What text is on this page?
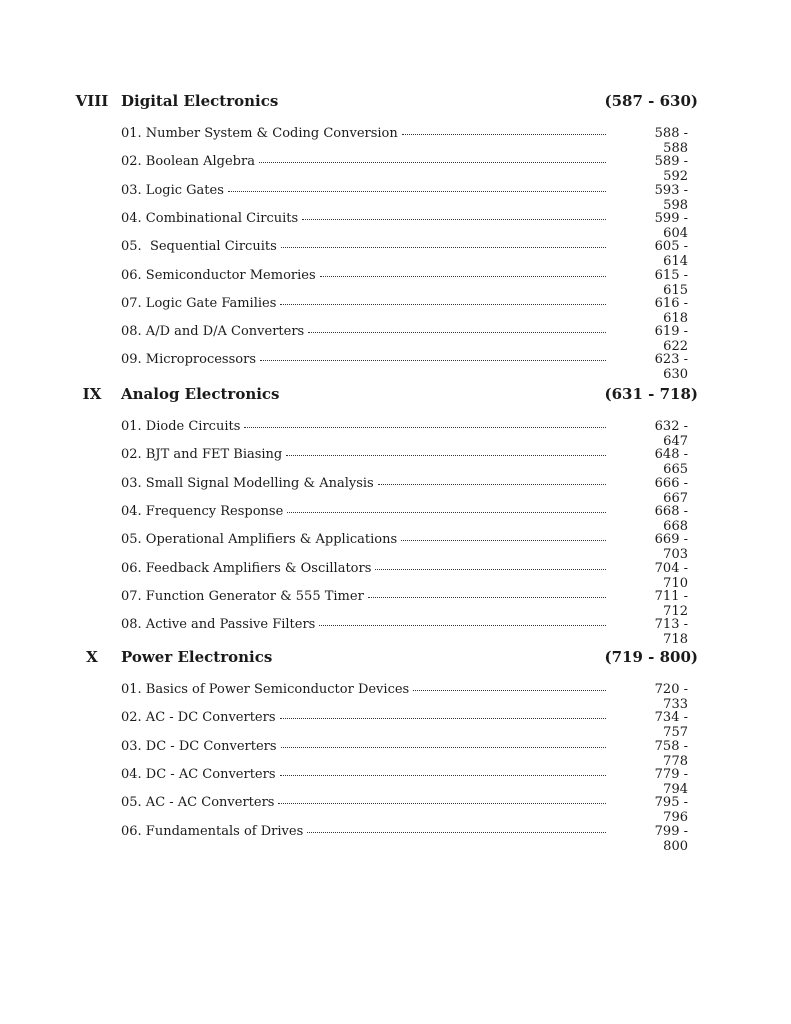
VIII Digital Electronics	(587 - 630)
01. Number System & Coding Conversion	588 - 588
02. Boolean Algebra	589 - 592
03. Logic Gates	593 - 598
04. Combinational Circuits	599 - 604
05.  Sequential Circuits	605 - 614
06. Semiconductor Memories	615 - 615
07. Logic Gate Families	616 - 618
08. A/D and D/A Converters	619 - 622
09. Microprocessors	623 - 630
IX	Analog Electronics	(631 - 718)
01. Diode Circuits	632 - 647
02. BJT and FET Biasing	648 - 665
03. Small Signal Modelling & Analysis	666 - 667
04. Frequency Response	668 - 668
05. Operational Amplifiers & Applications	669 - 703
06. Feedback Amplifiers & Oscillators	704 - 710
07. Function Generator & 555 Timer	711 - 712
08. Active and Passive Filters	713 - 718
X	Power Electronics	(719 - 800)
01. Basics of Power Semiconductor Devices	720 - 733
02. AC - DC Converters	734 - 757
03. DC - DC Converters	758 - 778
04. DC - AC Converters	779 - 794
05. AC - AC Converters	795 - 796
06. Fundamentals of Drives	799 - 800
